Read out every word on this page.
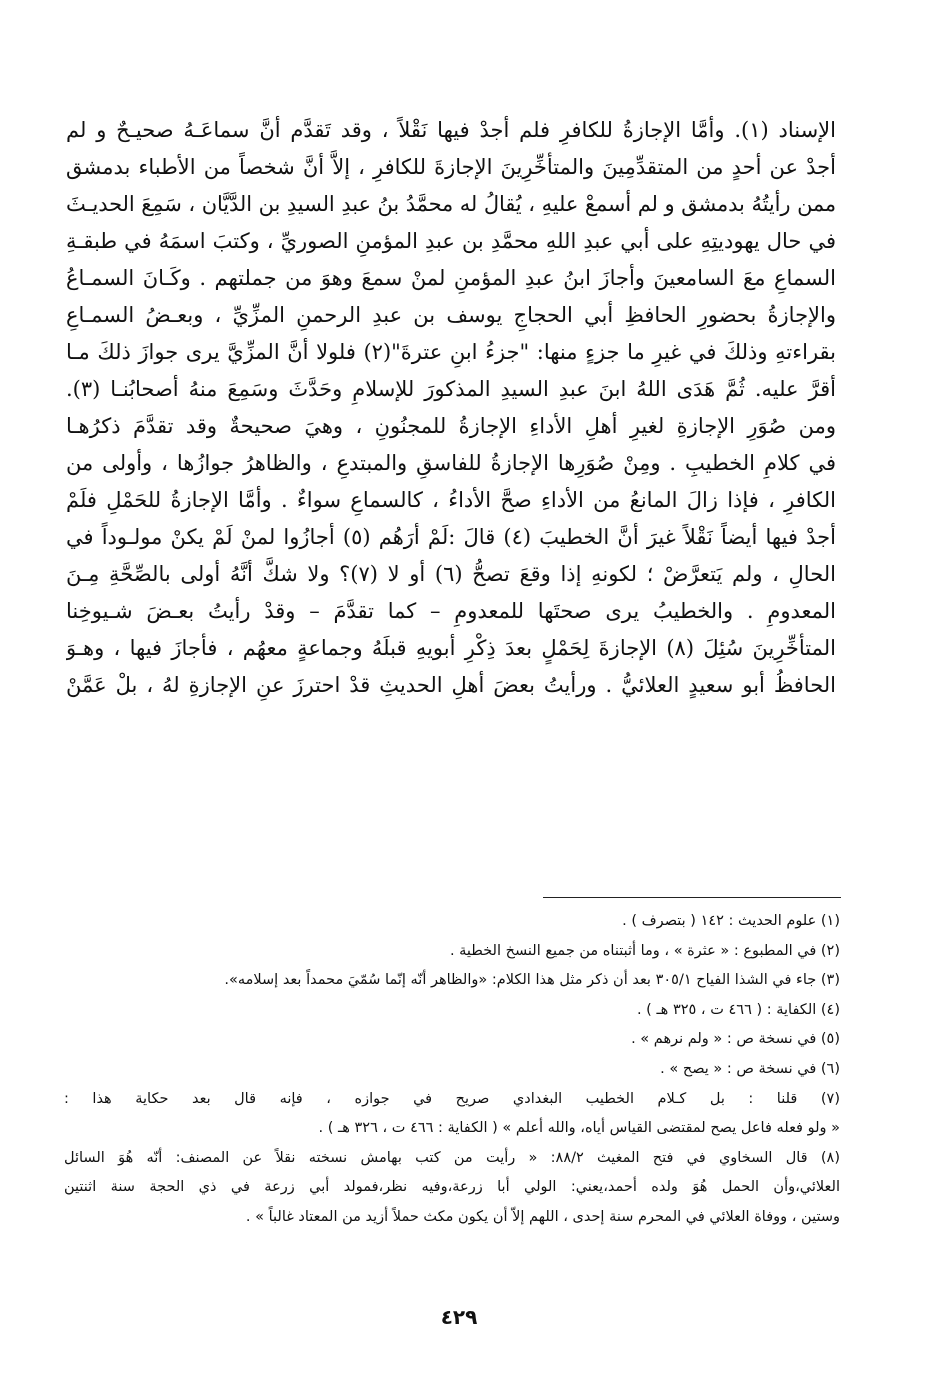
الإسناد (١). وأمَّا الإجازةُ للكافرِ فلم أجدْ فيها نَقْلاً ، وقد تَقدَّم أنَّ سماعَـهُ صحيـحٌ و لم
أجدْ عن أحدٍ من المتقدِّمِينَ والمتأخِّرِينَ الإجازةَ للكافرِ ، إلاَّ أنَّ شخصاً من الأطباء بدمشق
ممن رأيتُهُ بدمشق و لم أسمعْ عليهِ ، يُقالُ له محمَّدُ بنُ عبدِ السيدِ بن الدَّيَّان ، سَمِعَ الحديـثَ
في حال يهوديتِهِ على أبي عبدِ اللهِ محمَّدِ بن عبدِ المؤمنِ الصوريِّ ، وكتبَ اسمَهُ في طبقـةِ
السماعِ معَ السامعينَ وأجازَ ابنُ عبدِ المؤمنِ لمنْ سمعَ وهوَ من جملتهم . وكَـانَ السمـاعُ
والإجازةُ بحضورِ الحافظِ أبي الحجاجِ يوسف بن عبدِ الرحمنِ المزِّيِّ ، وبعـضُ السمـاعِ
بقراءتهِ وذلكَ في غيرِ ما جزءٍ منها: "جزءُ ابنِ عترةَ"(٢) فلولا أنَّ المزِّيَّ يرى جوازَ ذلكَ مـا
أقرَّ عليه. ثُمَّ هَدَى اللهُ ابنَ عبدِ السيدِ المذكورَ للإسلامِ وحَدَّثَ وسَمِعَ منهُ أصحابُنـا (٣).
ومن صُوَرِ الإجازةِ لغيرِ أهلِ الأداءِ الإجازةُ للمجنُونِ ، وهيَ صحيحةٌ وقد تقدَّمَ ذكرُهـا
في كلامِ الخطيبِ . ومِنْ صُوَرِها الإجازةُ للفاسقِ والمبتدعِ ، والظاهرُ جوازُها ، وأولى من
الكافرِ ، فإذا زالَ المانعُ من الأداءِ صحَّ الأداءُ ، كالسماعِ سواءٌ . وأمَّا الإجازةُ للحَمْلِ فلَمْ
أجدْ فيها أيضاً نَقْلاً غيرَ أنَّ الخطيبَ (٤) قالَ :لَمْ أرَهُم (٥) أجازُوا لمنْ لَمْ يكنْ مولـوداً في
الحالِ ، ولم يَتعرَّضْ ؛ لكونهِ إذا وقعَ تصحُّ (٦) أو لا (٧)؟ ولا شكَّ أنَّهُ أولى بالصِّحَّةِ مِـنَ
المعدومِ . والخطيبُ يرى صحتَها للمعدومِ – كما تقدَّمَ – وقدْ رأيتُ بعـضَ شـيوخِنا
المتأخِّرِينَ سُئِلَ (٨) الإجازةَ لِحَمْلٍ بعدَ ذِكْرِ أبويهِ قبلَهُ وجماعةٍ معهُم ، فأجازَ فيها ، وهـوَ
الحافظُ أبو سعيدٍ العلائيُّ . ورأيتُ بعضَ أهلِ الحديثِ قدْ احترزَ عنِ الإجازةِ لهُ ، بلْ عَمَّنْ
(١) علوم الحديث : ١٤٢ ( بتصرف ) .
(٢) في المطبوع : « عثرة » ، وما أثبتناه من جميع النسخ الخطية .
(٣) جاء في الشذا الفياح ٣٠٥/١ بعد أن ذكر مثل هذا الكلام: «والظاهر أنّه إنّما سُمّيَ محمداً بعد إسلامه».
(٤) الكفاية : ( ٤٦٦ ت ، ٣٢٥ هـ ) .
(٥) في نسخة ص : « ولم نرهم » .
(٦) في نسخة ص : « يصح » .
(٧) قلنا : بل كـلام الخطيب البغدادي صريح في جوازه ، فإنه قال بعد حكاية هذا :
« ولو فعله فاعل يصح لمقتضى القياس أياه، والله أعلم » ( الكفاية : ٤٦٦ ت ، ٣٢٦ هـ ) .
(٨) قال السخاوي في فتح المغيث ٨٨/٢: « رأيت من كتب بهامش نسخته نقلاً عن المصنف: أنّه هُوَ السائل
العلائي،وأن الحمل هُوَ ولده أحمد،يعني: الولي أبا زرعة،وفيه نظر،فمولد أبي زرعة في ذي الحجة سنة اثنتين
وستين ، ووفاة العلائي في المحرم سنة إحدى ، اللهم إلاّ أن يكون مكث حملاً أزيد من المعتاد غالباً » .
٤٢٩
